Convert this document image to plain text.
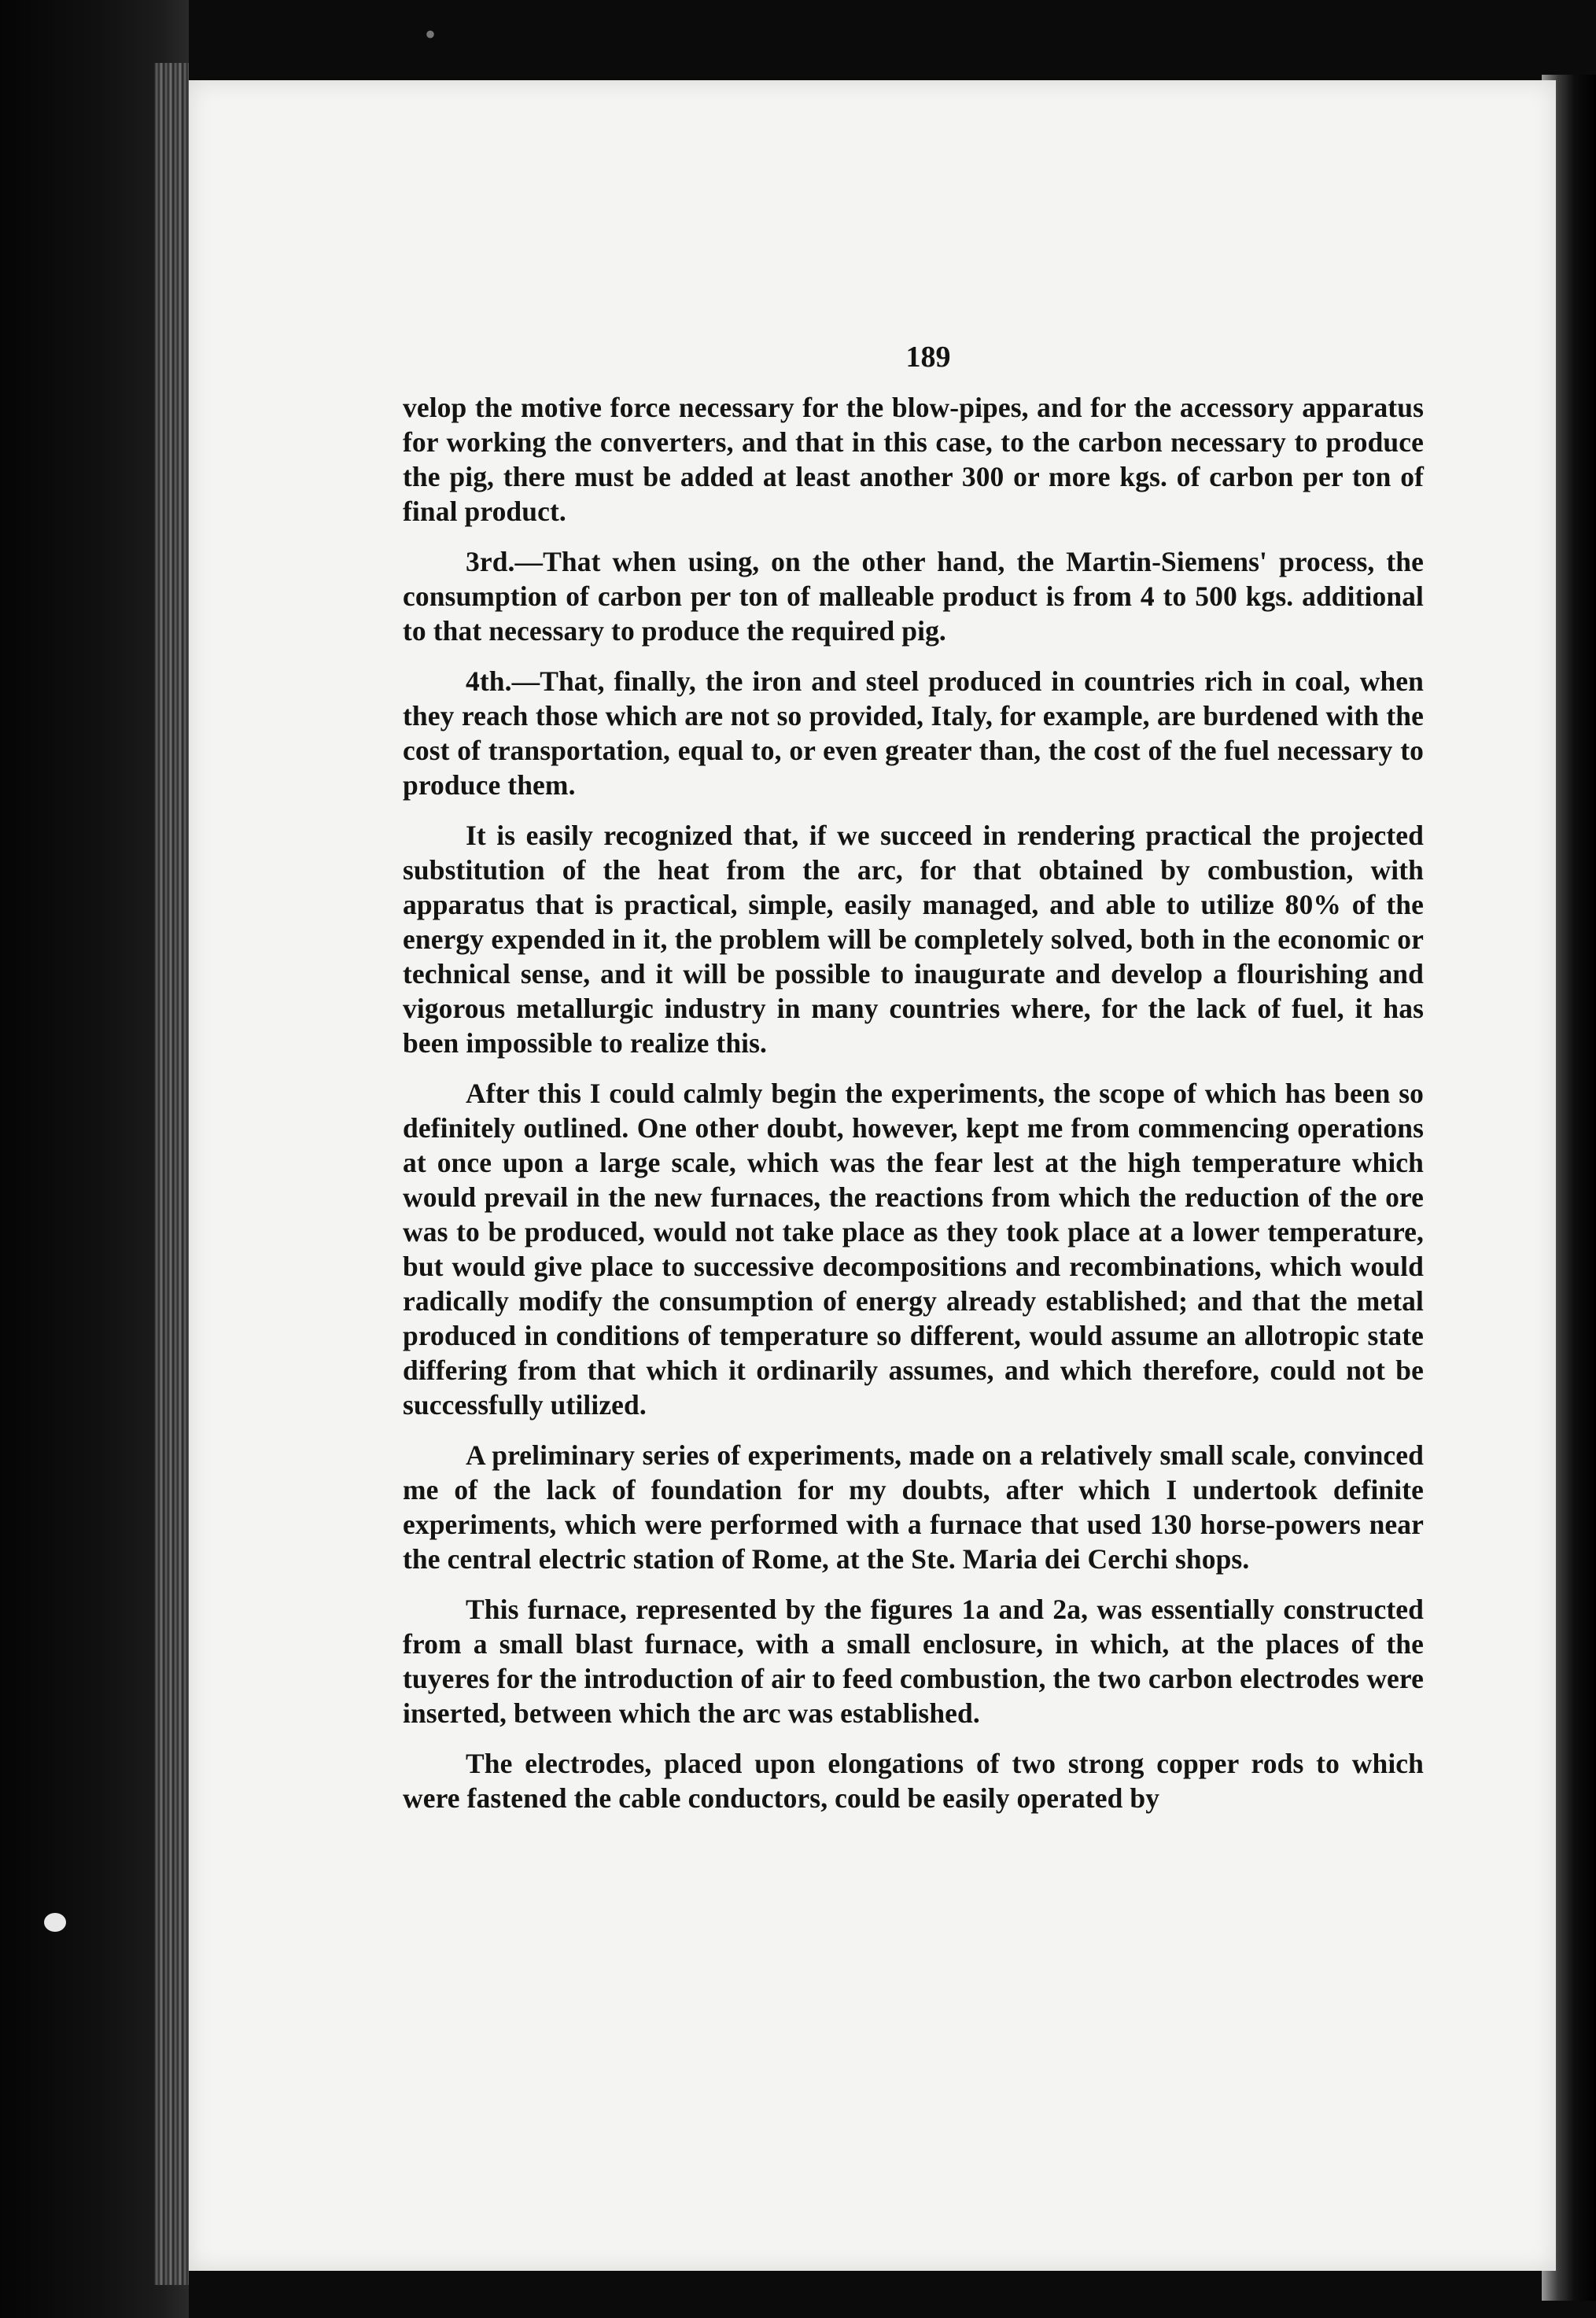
•
189

velop the motive force necessary for the blow-pipes, and for the accessory apparatus for working the converters, and that in this case, to the carbon necessary to produce the pig, there must be added at least another 300 or more kgs. of carbon per ton of final product.

3rd.—That when using, on the other hand, the Martin-Siemens' process, the consumption of carbon per ton of malleable product is from 4 to 500 kgs. additional to that necessary to produce the required pig.

4th.—That, finally, the iron and steel produced in countries rich in coal, when they reach those which are not so provided, Italy, for example, are burdened with the cost of transportation, equal to, or even greater than, the cost of the fuel necessary to produce them.

It is easily recognized that, if we succeed in rendering practical the projected substitution of the heat from the arc, for that obtained by combustion, with apparatus that is practical, simple, easily managed, and able to utilize 80% of the energy expended in it, the problem will be completely solved, both in the economic or technical sense, and it will be possible to inaugurate and develop a flourishing and vigorous metallurgic industry in many countries where, for the lack of fuel, it has been impossible to realize this.

After this I could calmly begin the experiments, the scope of which has been so definitely outlined. One other doubt, however, kept me from commencing operations at once upon a large scale, which was the fear lest at the high temperature which would prevail in the new furnaces, the reactions from which the reduction of the ore was to be produced, would not take place as they took place at a lower temperature, but would give place to successive decompositions and recombinations, which would radically modify the consumption of energy already established; and that the metal produced in conditions of temperature so different, would assume an allotropic state differing from that which it ordinarily assumes, and which therefore, could not be successfully utilized.

A preliminary series of experiments, made on a relatively small scale, convinced me of the lack of foundation for my doubts, after which I undertook definite experiments, which were performed with a furnace that used 130 horse-powers near the central electric station of Rome, at the Ste. Maria dei Cerchi shops.

This furnace, represented by the figures 1a and 2a, was essentially constructed from a small blast furnace, with a small enclosure, in which, at the places of the tuyeres for the introduction of air to feed combustion, the two carbon electrodes were inserted, between which the arc was established.

The electrodes, placed upon elongations of two strong copper rods to which were fastened the cable conductors, could be easily operated by
